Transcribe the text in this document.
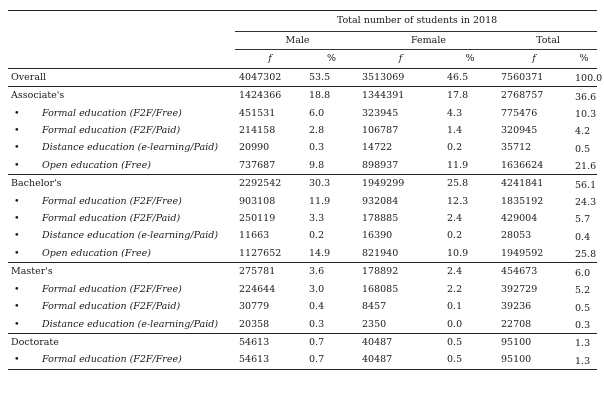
	Total number of students in 2018					
	Male		Female		Total	
	f	%	f	%	f	%
Overall	4047302	53.5	3513069	46.5	7560371	100.0
Associate's	1424366	18.8	1344391	17.8	2768757	36.6
• Formal education (F2F/Free)	451531	6.0	323945	4.3	775476	10.3
• Formal education (F2F/Paid)	214158	2.8	106787	1.4	320945	4.2
• Distance education (e-learning/Paid)	20990	0.3	14722	0.2	35712	0.5
• Open education (Free)	737687	9.8	898937	11.9	1636624	21.6
Bachelor's	2292542	30.3	1949299	25.8	4241841	56.1
• Formal education (F2F/Free)	903108	11.9	932084	12.3	1835192	24.3
• Formal education (F2F/Paid)	250119	3.3	178885	2.4	429004	5.7
• Distance education (e-learning/Paid)	11663	0.2	16390	0.2	28053	0.4
• Open education (Free)	1127652	14.9	821940	10.9	1949592	25.8
Master's	275781	3.6	178892	2.4	454673	6.0
• Formal education (F2F/Free)	224644	3.0	168085	2.2	392729	5.2
• Formal education (F2F/Paid)	30779	0.4	8457	0.1	39236	0.5
• Distance education (e-learning/Paid)	20358	0.3	2350	0.0	22708	0.3
Doctorate	54613	0.7	40487	0.5	95100	1.3
• Formal education (F2F/Free)	54613	0.7	40487	0.5	95100	1.3
